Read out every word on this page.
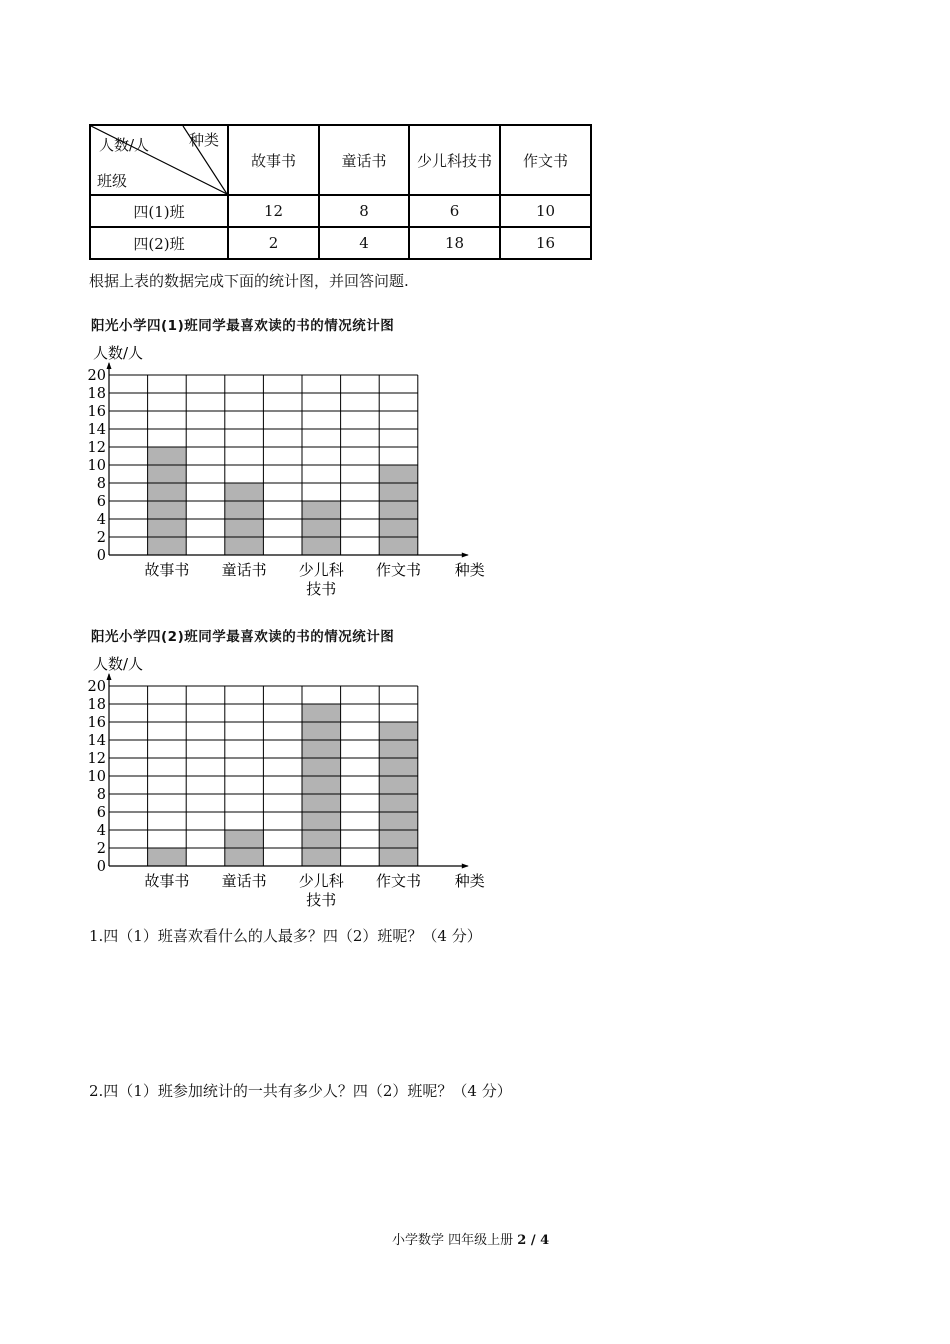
人数/人 种类
班级	故事书	童话书	少儿科技书	作文书
四(1)班	12	8	6	10
四(2)班	2	4	18	16
根据上表的数据完成下面的统计图，并回答问题.
阳光小学四(1)班同学最喜欢读的书的情况统计图
人数/人
0
2
4
6
8
10
12
14
16
18
20
故事书 童话书 少儿科
技书
作文书 种类
阳光小学四(2)班同学最喜欢读的书的情况统计图
人数/人
0
2
4
6
8
10
12
14
16
18
20
故事书 童话书 少儿科
技书
作文书 种类
1.四（1）班喜欢看什么的人最多？四（2）班呢？（4 分）
2.四（1）班参加统计的一共有多少人？四（2）班呢？（4 分）
小学数学 四年级上册 2 / 4
